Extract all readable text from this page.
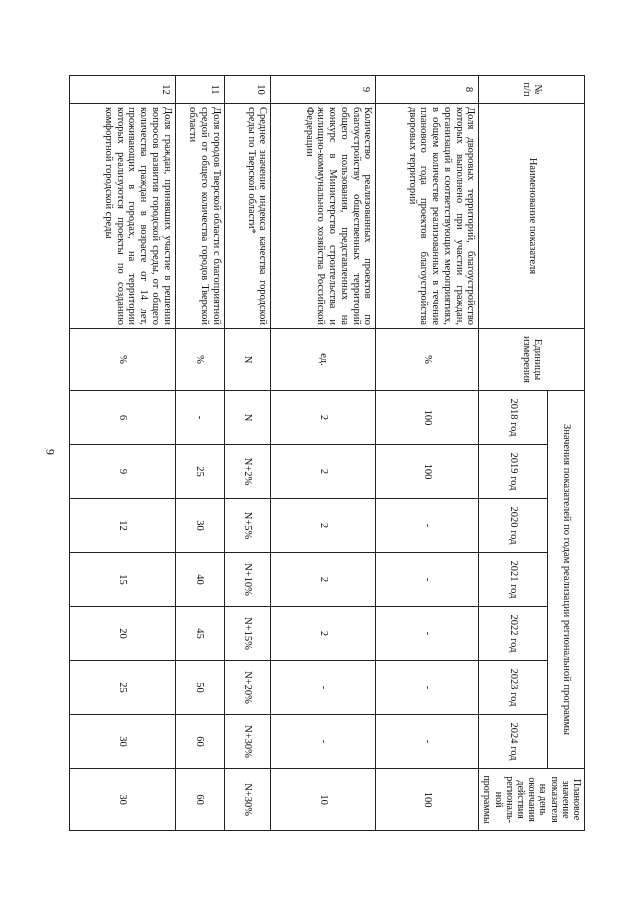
9
№ п/п	Наименование показателя	Единицы измерения	Значения показателей по годам реализации региональной программы							Плановое значение показателя на день окончания действия региональ-ной программы
			2018 год	2019 год	2020 год	2021 год	2022 год	2023 год	2024 год	
8	Доля дворовых территорий, благоустройство которых выполнено при участии граждан, организаций в соответствующих мероприятиях, в общем количестве реализованных в течение планового года проектов благоустройства дворовых территорий	%	100	100	-	-	-	-	-	100
9	Количество реализованных проектов по благоустройству общественных территорий общего пользования, представленных на конкурс в Министерство строительства и жилищно-коммунального хозяйства Российской Федерации	ед.	2	2	2	2	2	-	-	10
10	Среднее значение индекса качества городской среды по Тверской области*	N	N	N+2%	N+5%	N+10%	N+15%	N+20%	N+30%	N+30%
11	Доля городов Тверской области с благоприятной средой от общего количества городов Тверской области	%	-	25	30	40	45	50	60	60
12	Доля граждан, принявших участие в решении вопросов развития городской среды, от общего количества граждан в возрасте от 14 лет, проживающих в городах, на территории которых реализуются проекты по созданию комфортной городской среды	%	6	9	12	15	20	25	30	30
